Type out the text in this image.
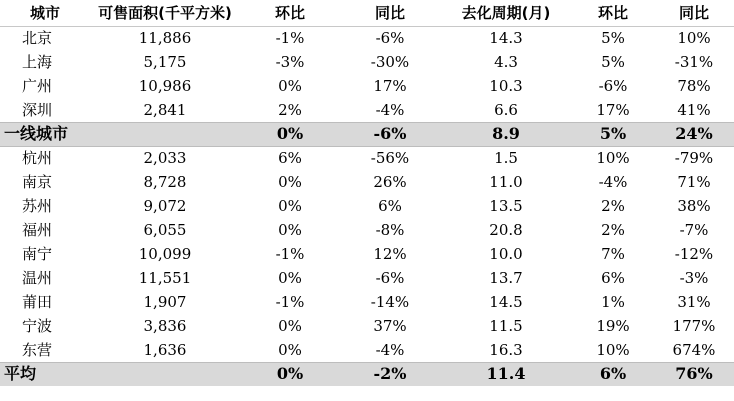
城市	可售面积(千平方米)	环比	同比	去化周期(月)	环比	同比
北京	11,886	-1%	-6%	14.3	5%	10%
上海	5,175	-3%	-30%	4.3	5%	-31%
广州	10,986	0%	17%	10.3	-6%	78%
深圳	2,841	2%	-4%	6.6	17%	41%
一线城市		0%	-6%	8.9	5%	24%
杭州	2,033	6%	-56%	1.5	10%	-79%
南京	8,728	0%	26%	11.0	-4%	71%
苏州	9,072	0%	6%	13.5	2%	38%
福州	6,055	0%	-8%	20.8	2%	-7%
南宁	10,099	-1%	12%	10.0	7%	-12%
温州	11,551	0%	-6%	13.7	6%	-3%
莆田	1,907	-1%	-14%	14.5	1%	31%
宁波	3,836	0%	37%	11.5	19%	177%
东营	1,636	0%	-4%	16.3	10%	674%
平均		0%	-2%	11.4	6%	76%
